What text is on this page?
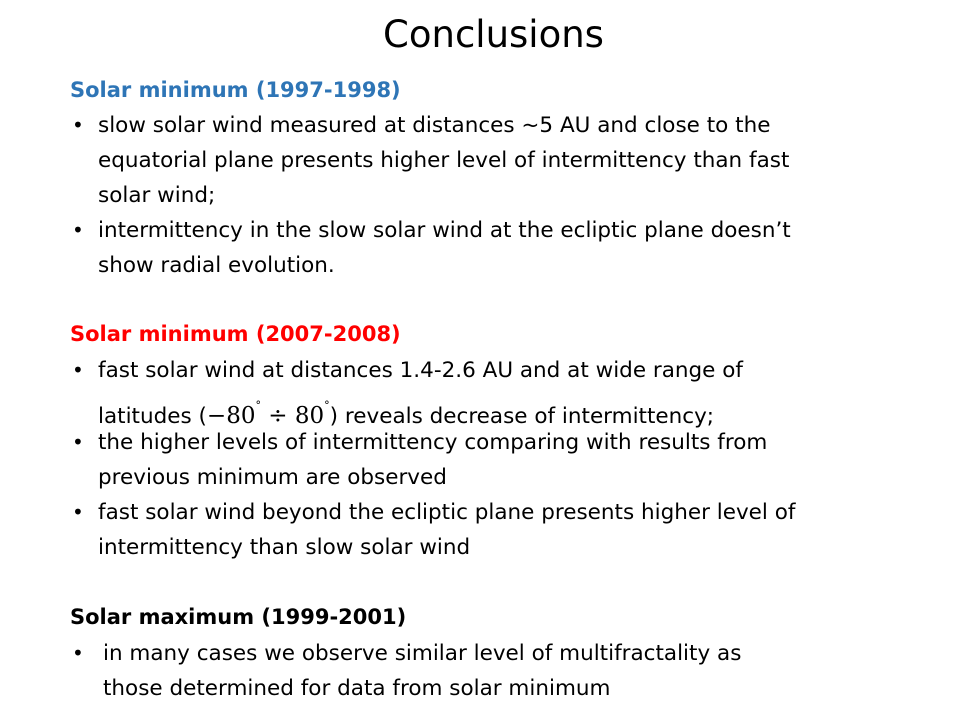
Conclusions
Solar minimum (1997-1998)
• slow solar wind measured at distances ~5 AU and close to the
equatorial plane presents higher level of intermittency than fast
solar wind;
• intermittency in the slow solar wind at the ecliptic plane doesn’t
show radial evolution.
Solar minimum (2007-2008)
• fast solar wind at distances 1.4-2.6 AU and at wide range of
latitudes (−80° ÷ 80°) reveals decrease of intermittency;
• the higher levels of intermittency comparing with results from
previous minimum are observed
• fast solar wind beyond the ecliptic plane presents higher level of
intermittency than slow solar wind
Solar maximum (1999-2001)
• in many cases we observe similar level of multifractality as
those determined for data from solar minimum
